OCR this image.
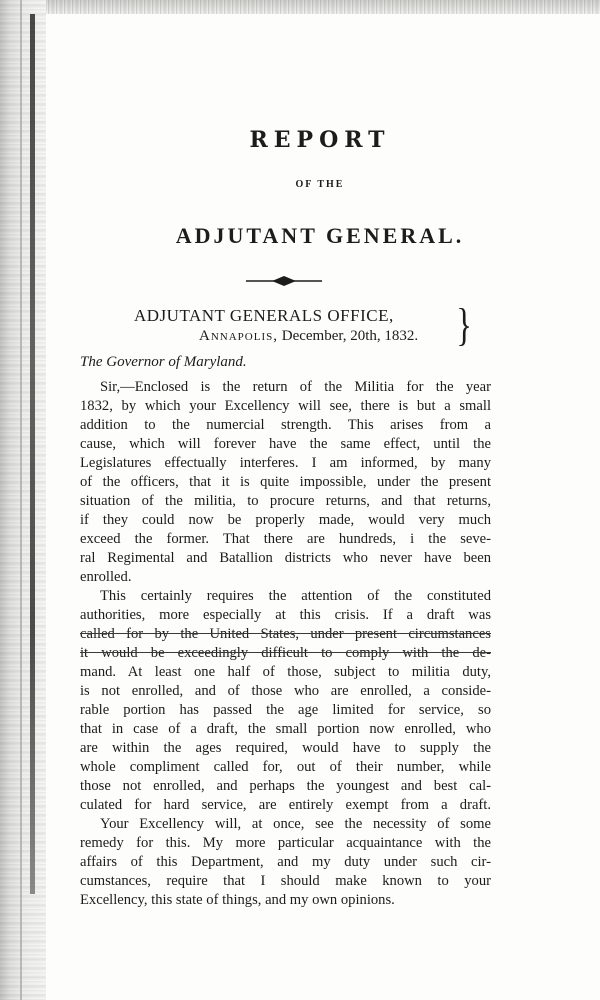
REPORT
OF THE
ADJUTANT GENERAL.
ADJUTANT GENERALS OFFICE,
Annapolis, December, 20th, 1832. }
The Governor of Maryland.
Sir,—Enclosed is the return of the Militia for the year
1832, by which your Excellency will see, there is but a small
addition to the numercial strength. This arises from a
cause, which will forever have the same effect, until the
Legislatures effectually interferes. I am informed, by many
of the officers, that it is quite impossible, under the present
situation of the militia, to procure returns, and that returns,
if they could now be properly made, would very much
exceed the former. That there are hundreds, i the seve-
ral Regimental and Batallion districts who never have been
enrolled.
This certainly requires the attention of the constituted
authorities, more especially at this crisis. If a draft was
called for by the United States, under present circumstances
it would be exceedingly difficult to comply with the de-
mand. At least one half of those, subject to militia duty,
is not enrolled, and of those who are enrolled, a conside-
rable portion has passed the age limited for service, so
that in case of a draft, the small portion now enrolled, who
are within the ages required, would have to supply the
whole compliment called for, out of their number, while
those not enrolled, and perhaps the youngest and best cal-
culated for hard service, are entirely exempt from a draft.
Your Excellency will, at once, see the necessity of some
remedy for this. My more particular acquaintance with the
affairs of this Department, and my duty under such cir-
cumstances, require that I should make known to your
Excellency, this state of things, and my own opinions.
